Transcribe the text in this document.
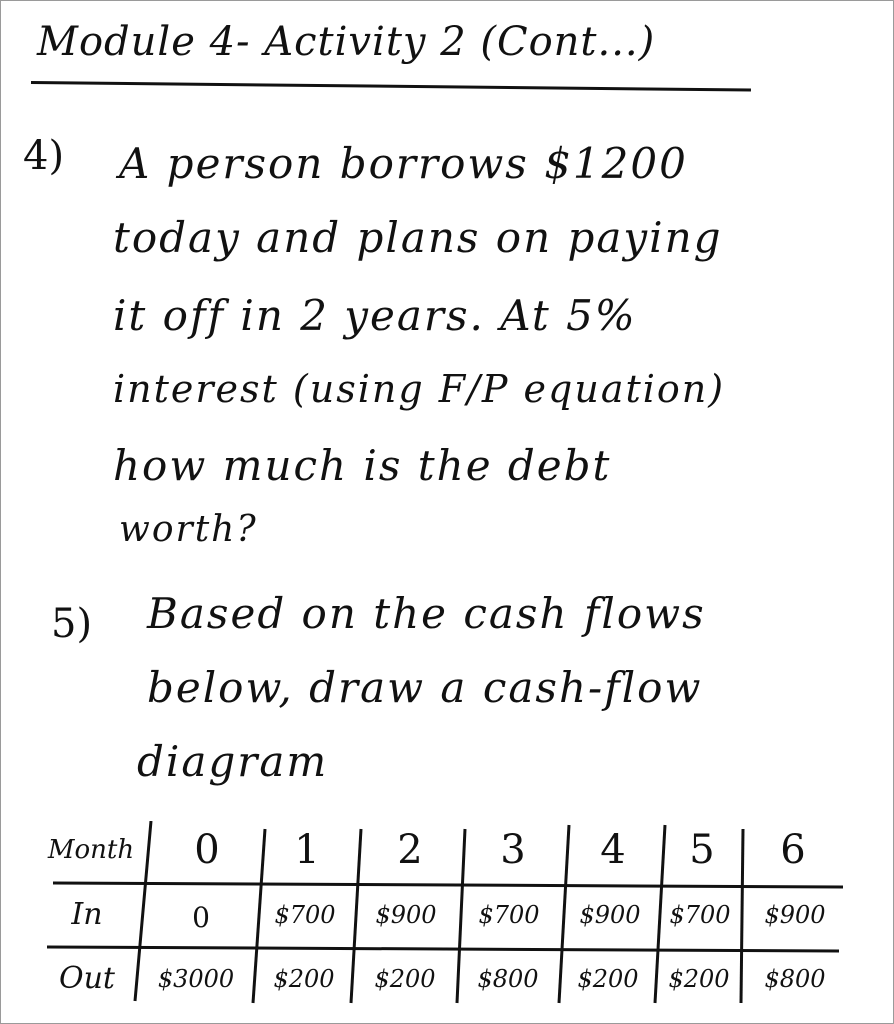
Module 4- Activity 2 (Cont...)
4) A person borrows $1200
today and plans on paying
it off in 2 years. At 5%
interest (using F/P equation)
how much is the debt
worth?
5) Based on the cash flows
below, draw a cash-flow
diagram
Month	0	1	2	3	4	5	6
In	0	$700	$900	$700	$900	$700	$900
Out	$3000	$200	$200	$800	$200	$200	$800
